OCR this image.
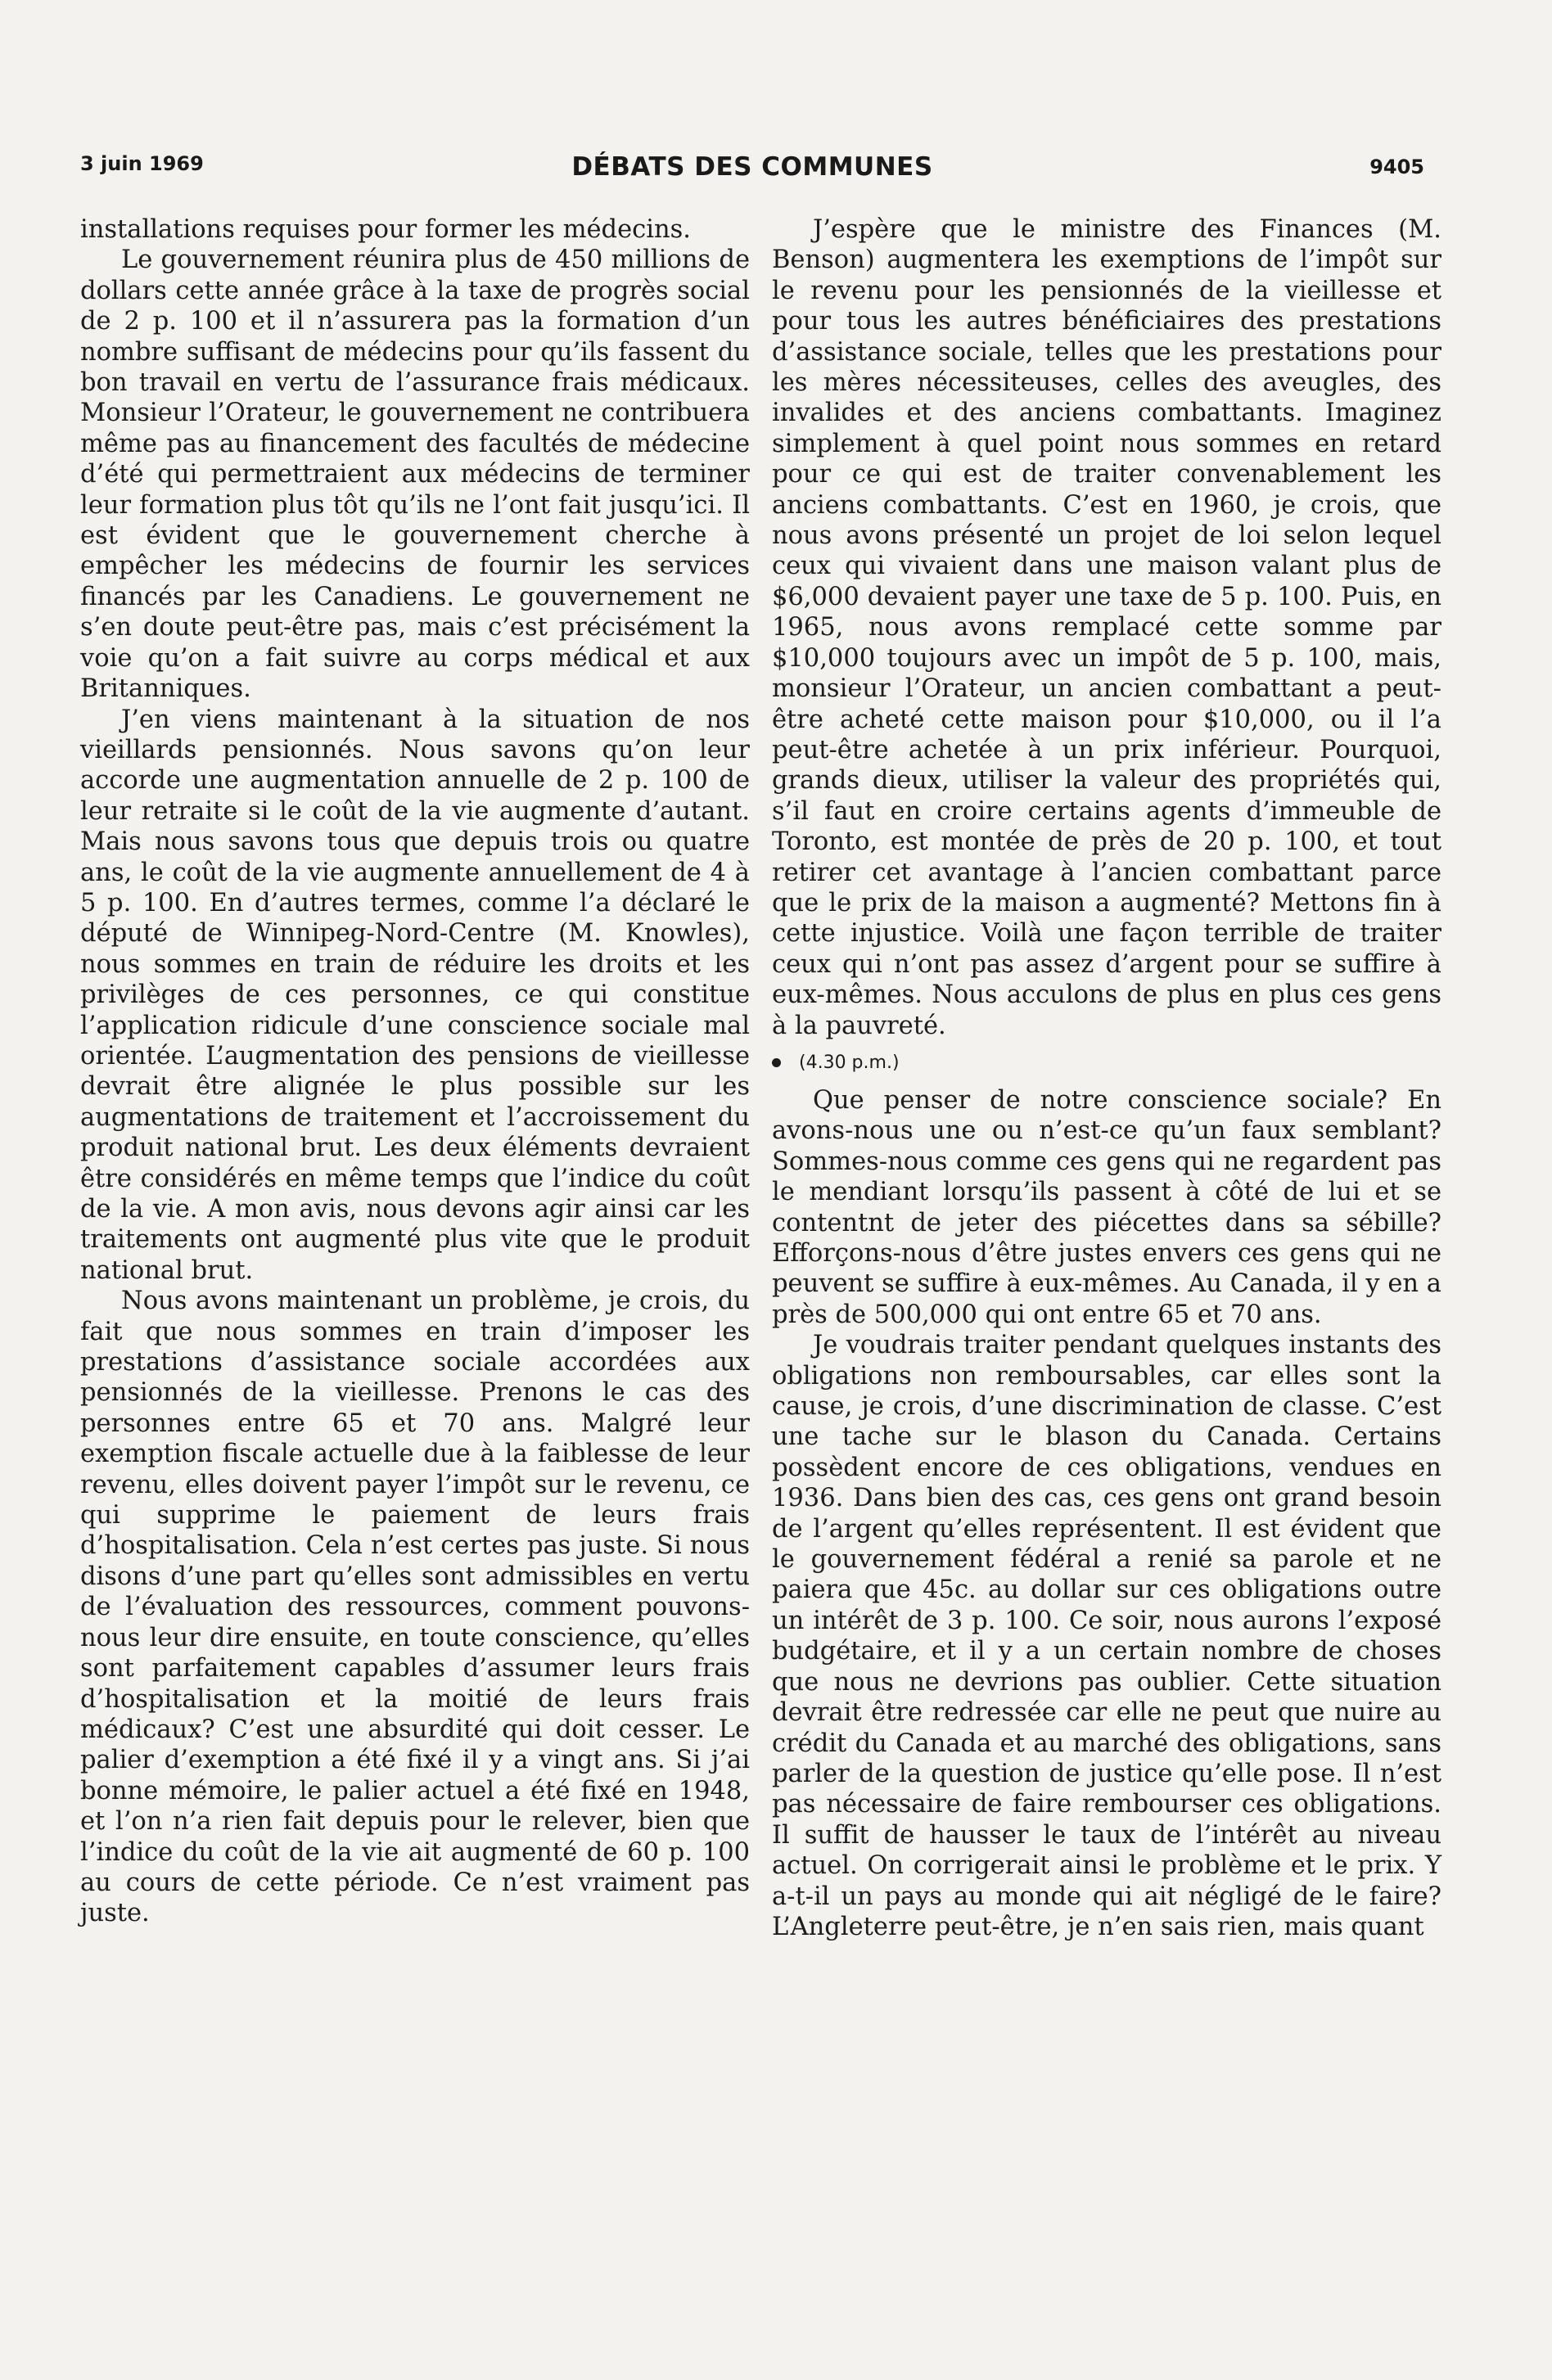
3 juin 1969	DÉBATS DES COMMUNES	9405

installations requises pour former les médecins.

Le gouvernement réunira plus de 450 millions de dollars cette année grâce à la taxe de progrès social de 2 p. 100 et il n’assurera pas la formation d’un nombre suffisant de médecins pour qu’ils fassent du bon travail en vertu de l’assurance frais médicaux. Monsieur l’Orateur, le gouvernement ne contribuera même pas au financement des facultés de médecine d’été qui permettraient aux médecins de terminer leur formation plus tôt qu’ils ne l’ont fait jusqu’ici. Il est évident que le gouvernement cherche à empêcher les médecins de fournir les services financés par les Canadiens. Le gouvernement ne s’en doute peut-être pas, mais c’est précisément la voie qu’on a fait suivre au corps médical et aux Britanniques.

J’en viens maintenant à la situation de nos vieillards pensionnés. Nous savons qu’on leur accorde une augmentation annuelle de 2 p. 100 de leur retraite si le coût de la vie augmente d’autant. Mais nous savons tous que depuis trois ou quatre ans, le coût de la vie augmente annuellement de 4 à 5 p. 100. En d’autres termes, comme l’a déclaré le député de Winnipeg-Nord-Centre (M. Knowles), nous sommes en train de réduire les droits et les privilèges de ces personnes, ce qui constitue l’application ridicule d’une conscience sociale mal orientée. L’augmentation des pensions de vieillesse devrait être alignée le plus possible sur les augmentations de traitement et l’accroissement du produit national brut. Les deux éléments devraient être considérés en même temps que l’indice du coût de la vie. A mon avis, nous devons agir ainsi car les traitements ont augmenté plus vite que le produit national brut.

Nous avons maintenant un problème, je crois, du fait que nous sommes en train d’imposer les prestations d’assistance sociale accordées aux pensionnés de la vieillesse. Prenons le cas des personnes entre 65 et 70 ans. Malgré leur exemption fiscale actuelle due à la faiblesse de leur revenu, elles doivent payer l’impôt sur le revenu, ce qui supprime le paiement de leurs frais d’hospitalisation. Cela n’est certes pas juste. Si nous disons d’une part qu’elles sont admissibles en vertu de l’évaluation des ressources, comment pouvons-nous leur dire ensuite, en toute conscience, qu’elles sont parfaitement capables d’assumer leurs frais d’hospitalisation et la moitié de leurs frais médicaux? C’est une absurdité qui doit cesser. Le palier d’exemption a été fixé il y a vingt ans. Si j’ai bonne mémoire, le palier actuel a été fixé en 1948, et l’on n’a rien fait depuis pour le relever, bien que l’indice du coût de la vie ait augmenté de 60 p. 100 au cours de cette période. Ce n’est vraiment pas juste.

J’espère que le ministre des Finances (M. Benson) augmentera les exemptions de l’impôt sur le revenu pour les pensionnés de la vieillesse et pour tous les autres bénéficiaires des prestations d’assistance sociale, telles que les prestations pour les mères nécessiteuses, celles des aveugles, des invalides et des anciens combattants. Imaginez simplement à quel point nous sommes en retard pour ce qui est de traiter convenablement les anciens combattants. C’est en 1960, je crois, que nous avons présenté un projet de loi selon lequel ceux qui vivaient dans une maison valant plus de $6,000 devaient payer une taxe de 5 p. 100. Puis, en 1965, nous avons remplacé cette somme par $10,000 toujours avec un impôt de 5 p. 100, mais, monsieur l’Orateur, un ancien combattant a peut-être acheté cette maison pour $10,000, ou il l’a peut-être achetée à un prix inférieur. Pourquoi, grands dieux, utiliser la valeur des propriétés qui, s’il faut en croire certains agents d’immeuble de Toronto, est montée de près de 20 p. 100, et tout retirer cet avantage à l’ancien combattant parce que le prix de la maison a augmenté? Mettons fin à cette injustice. Voilà une façon terrible de traiter ceux qui n’ont pas assez d’argent pour se suffire à eux-mêmes. Nous acculons de plus en plus ces gens à la pauvreté.

(4.30 p.m.)

Que penser de notre conscience sociale? En avons-nous une ou n’est-ce qu’un faux semblant? Sommes-nous comme ces gens qui ne regardent pas le mendiant lorsqu’ils passent à côté de lui et se contentnt de jeter des piécettes dans sa sébille? Efforçons-nous d’être justes envers ces gens qui ne peuvent se suffire à eux-mêmes. Au Canada, il y en a près de 500,000 qui ont entre 65 et 70 ans.

Je voudrais traiter pendant quelques instants des obligations non remboursables, car elles sont la cause, je crois, d’une discrimination de classe. C’est une tache sur le blason du Canada. Certains possèdent encore de ces obligations, vendues en 1936. Dans bien des cas, ces gens ont grand besoin de l’argent qu’elles représentent. Il est évident que le gouvernement fédéral a renié sa parole et ne paiera que 45c. au dollar sur ces obligations outre un intérêt de 3 p. 100. Ce soir, nous aurons l’exposé budgétaire, et il y a un certain nombre de choses que nous ne devrions pas oublier. Cette situation devrait être redressée car elle ne peut que nuire au crédit du Canada et au marché des obligations, sans parler de la question de justice qu’elle pose. Il n’est pas nécessaire de faire rembourser ces obligations. Il suffit de hausser le taux de l’intérêt au niveau actuel. On corrigerait ainsi le problème et le prix. Y a-t-il un pays au monde qui ait négligé de le faire? L’Angleterre peut-être, je n’en sais rien, mais quant
